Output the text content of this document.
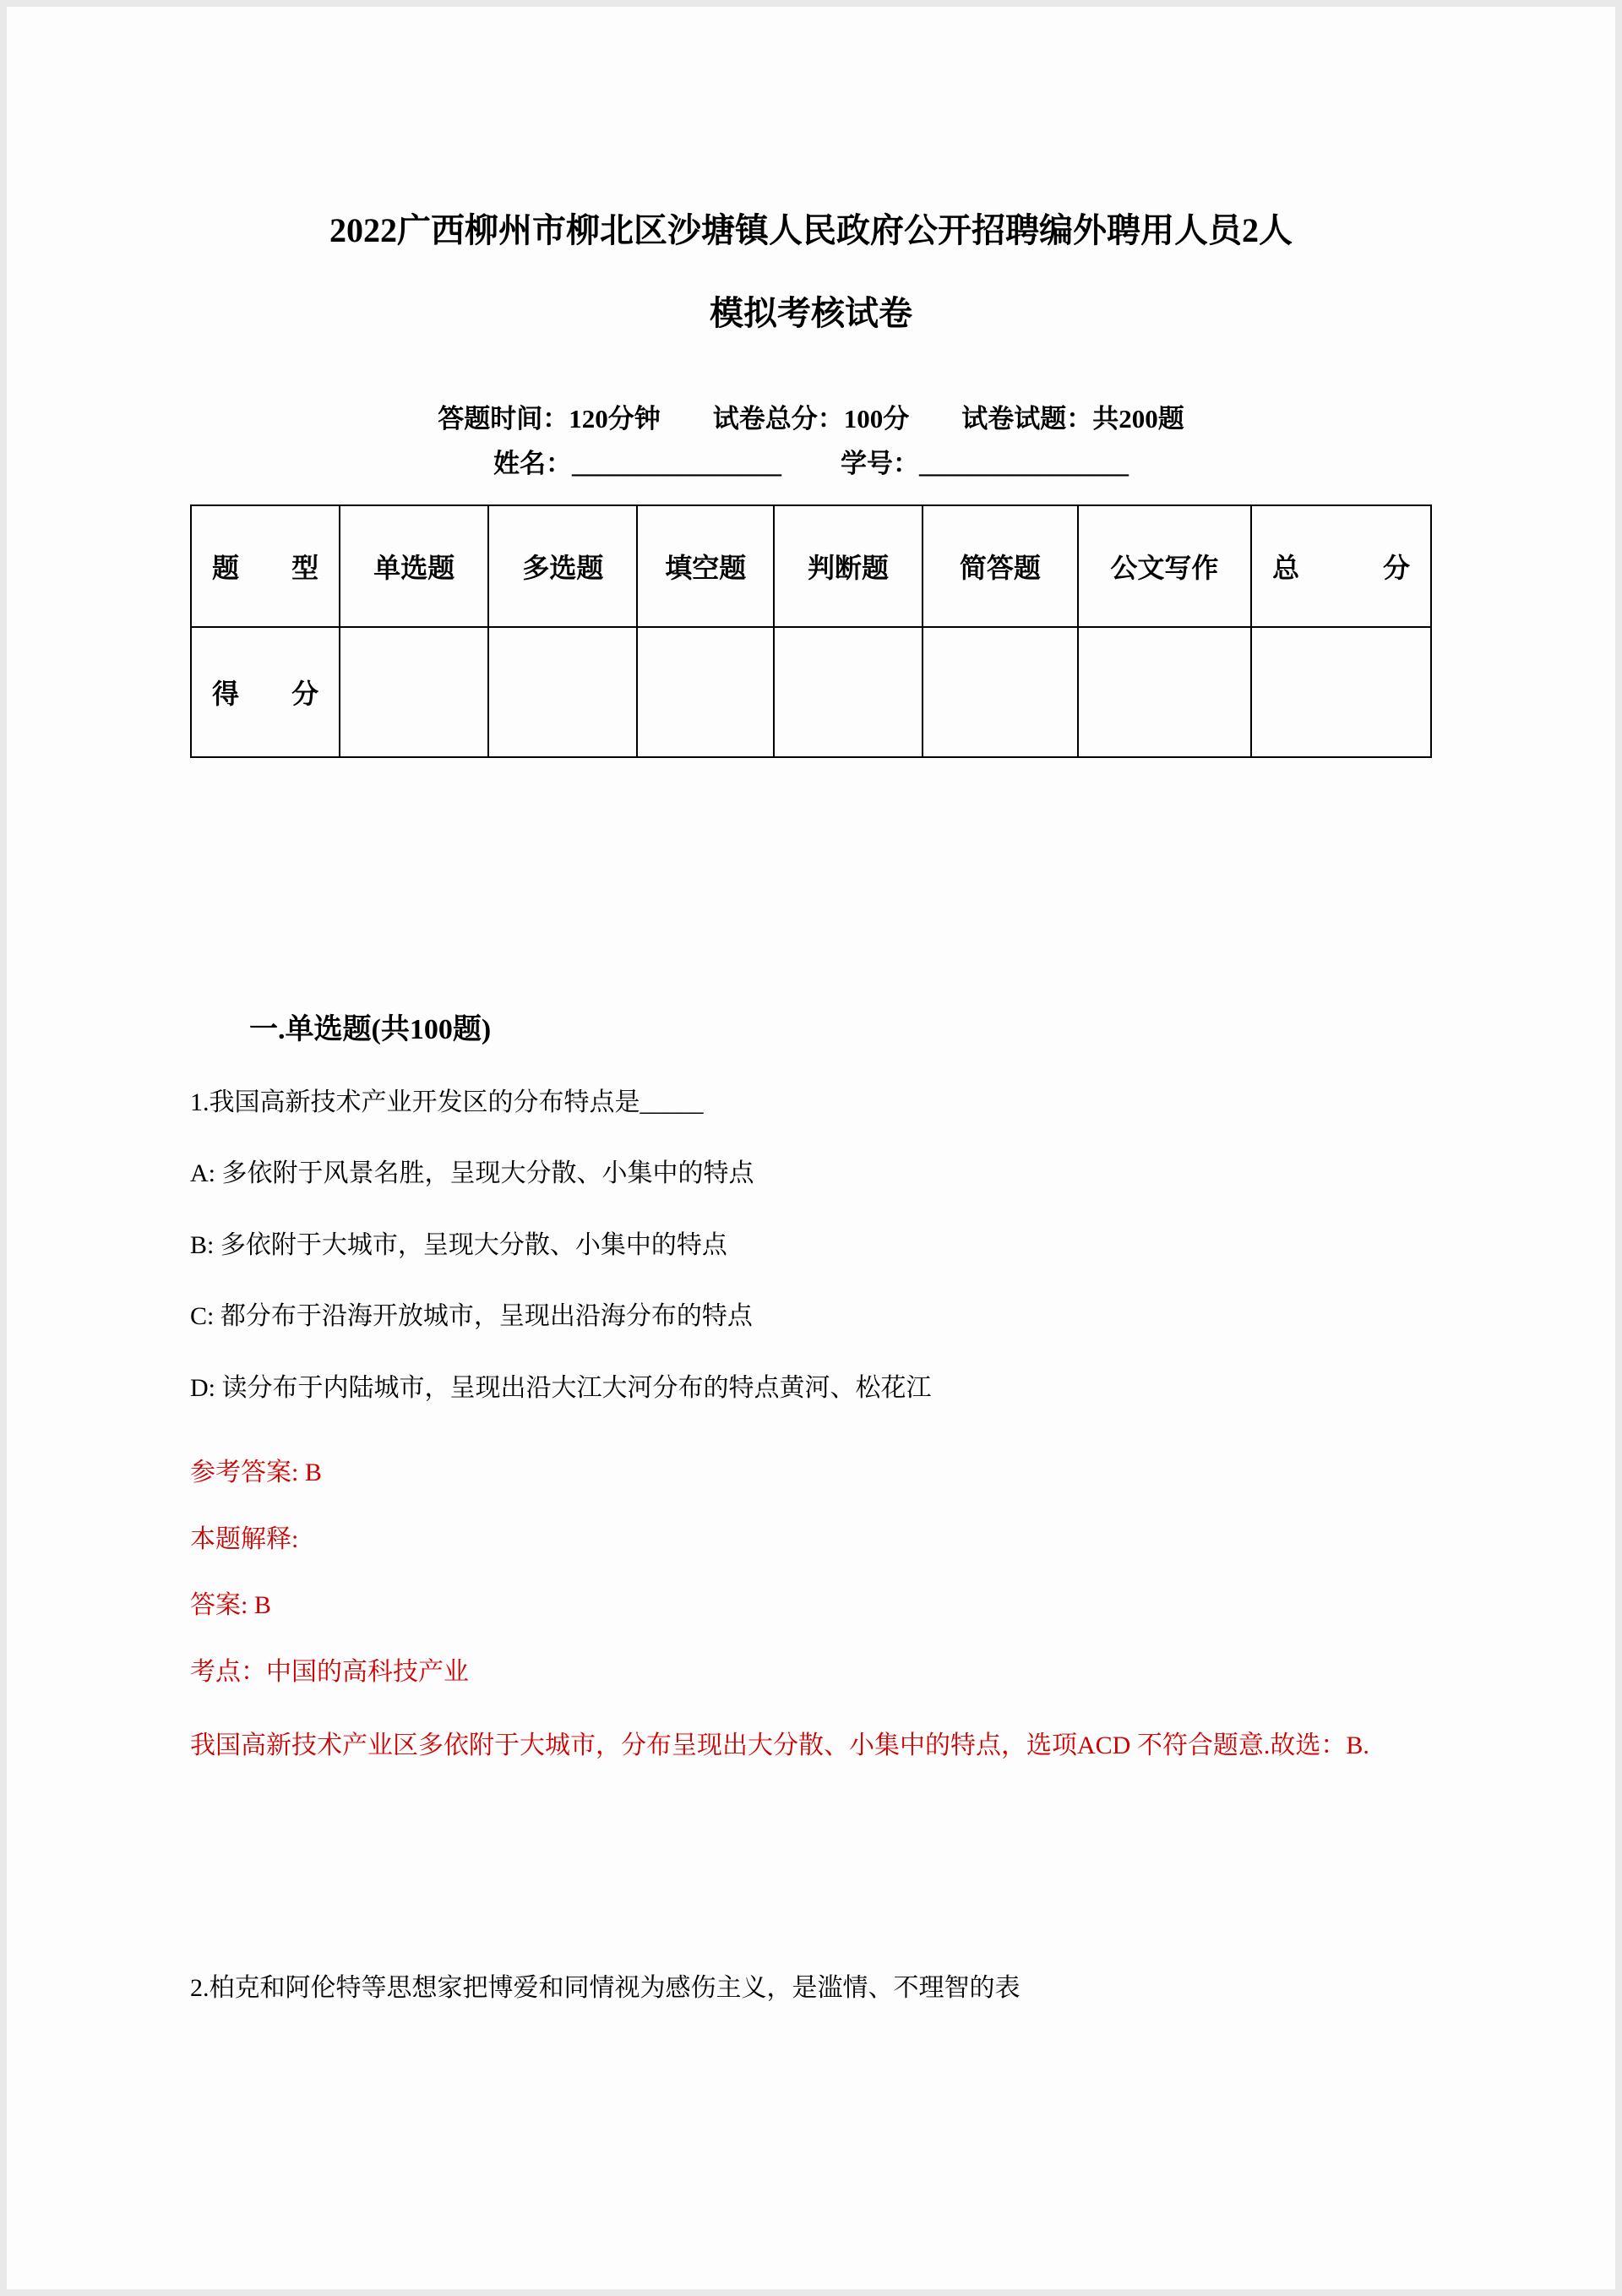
2022广西柳州市柳北区沙塘镇人民政府公开招聘编外聘用人员2人
模拟考核试卷
答题时间：120分钟　　试卷总分：100分　　试卷试题：共200题
姓名：________________ 学号：________________
题型	单选题	多选题	填空题	判断题	简答题	公文写作	总分
得分							
一.单选题(共100题)
1.我国高新技术产业开发区的分布特点是_____
A: 多依附于风景名胜，呈现大分散、小集中的特点
B: 多依附于大城市，呈现大分散、小集中的特点
C: 都分布于沿海开放城市，呈现出沿海分布的特点
D: 读分布于内陆城市，呈现出沿大江大河分布的特点黄河、松花江
参考答案: B
本题解释:
答案: B
考点：中国的高科技产业
我国高新技术产业区多依附于大城市，分布呈现出大分散、小集中的特点，选项ACD 不符合题意.故选：B.
2.柏克和阿伦特等思想家把博爱和同情视为感伤主义，是滥情、不理智的表
